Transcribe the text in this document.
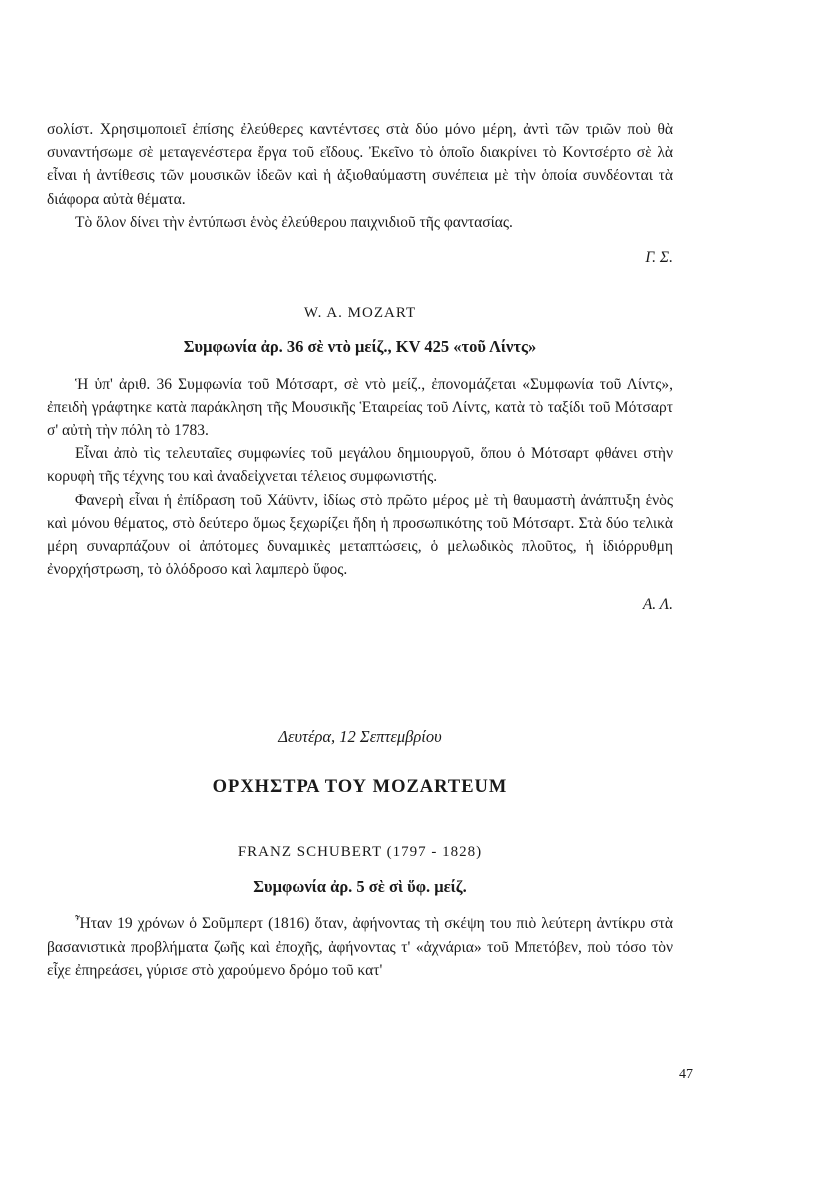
σολίστ. Χρησιμοποιεῖ ἐπίσης ἐλεύθερες καντέντσες στὰ δύο μόνο μέρη, ἀντὶ τῶν τριῶν ποὺ θὰ συναντήσωμε σὲ μεταγενέστερα ἔργα τοῦ εἴδους. Ἐκεῖνο τὸ ὁποῖο διακρίνει τὸ Κοντσέρτο σὲ λὰ εἶναι ἡ ἀντίθεσις τῶν μουσικῶν ἰδεῶν καὶ ἡ ἀξιοθαύμαστη συνέπεια μὲ τὴν ὁποία συνδέονται τὰ διάφορα αὐτὰ θέματα.

Τὸ ὅλον δίνει τὴν ἐντύπωσι ἑνὸς ἐλεύθερου παιχνιδιοῦ τῆς φαντασίας.

Γ. Σ.

W. A. MOZART

Συμφωνία ἀρ. 36 σὲ ντὸ μείζ., KV 425 «τοῦ Λίντς»

Ἡ ὑπ' ἀριθ. 36 Συμφωνία τοῦ Μότσαρτ, σὲ ντὸ μείζ., ἐπονομάζεται «Συμφωνία τοῦ Λίντς», ἐπειδὴ γράφτηκε κατὰ παράκληση τῆς Μουσικῆς Ἑταιρείας τοῦ Λίντς, κατὰ τὸ ταξίδι τοῦ Μότσαρτ σ' αὐτὴ τὴν πόλη τὸ 1783.

Εἶναι ἀπὸ τὶς τελευταῖες συμφωνίες τοῦ μεγάλου δημιουργοῦ, ὅπου ὁ Μότσαρτ φθάνει στὴν κορυφὴ τῆς τέχνης του καὶ ἀναδεἰχνεται τέλειος συμφωνιστής.

Φανερὴ εἶναι ἡ ἐπίδραση τοῦ Χάϋντν, ἰδίως στὸ πρῶτο μέρος μὲ τὴ θαυμαστὴ ἀνάπτυξη ἑνὸς καὶ μόνου θέματος, στὸ δεύτερο ὅμως ξεχωρίζει ἤδη ἡ προσωπικότης τοῦ Μότσαρτ. Στὰ δύο τελικὰ μέρη συναρπάζουν οἱ ἀπότομες δυναμικὲς μεταπτώσεις, ὁ μελωδικὸς πλοῦτος, ἡ ἰδιόρρυθμη ἐνορχήστρωση, τὸ ὁλόδροσο καὶ λαμπερὸ ὕφος.

Α. Λ.

Δευτέρα, 12 Σεπτεμβρίου

ΟΡΧΗΣΤΡΑ ΤΟΥ MOZARTEUM

FRANZ SCHUBERT (1797 - 1828)

Συμφωνία ἀρ. 5 σὲ σὶ ὕφ. μείζ.

Ἦταν 19 χρόνων ὁ Σοῦμπερτ (1816) ὅταν, ἀφήνοντας τὴ σκέψη του πιὸ λεύτερη ἀντίκρυ στὰ βασανιστικὰ προβλήματα ζωῆς καὶ ἐποχῆς, ἀφήνοντας τ' «ἀχνάρια» τοῦ Μπετόβεν, ποὺ τόσο τὸν εἶχε ἐπηρεάσει, γύρισε στὸ χαρούμενο δρόμο τοῦ κατ'

47
